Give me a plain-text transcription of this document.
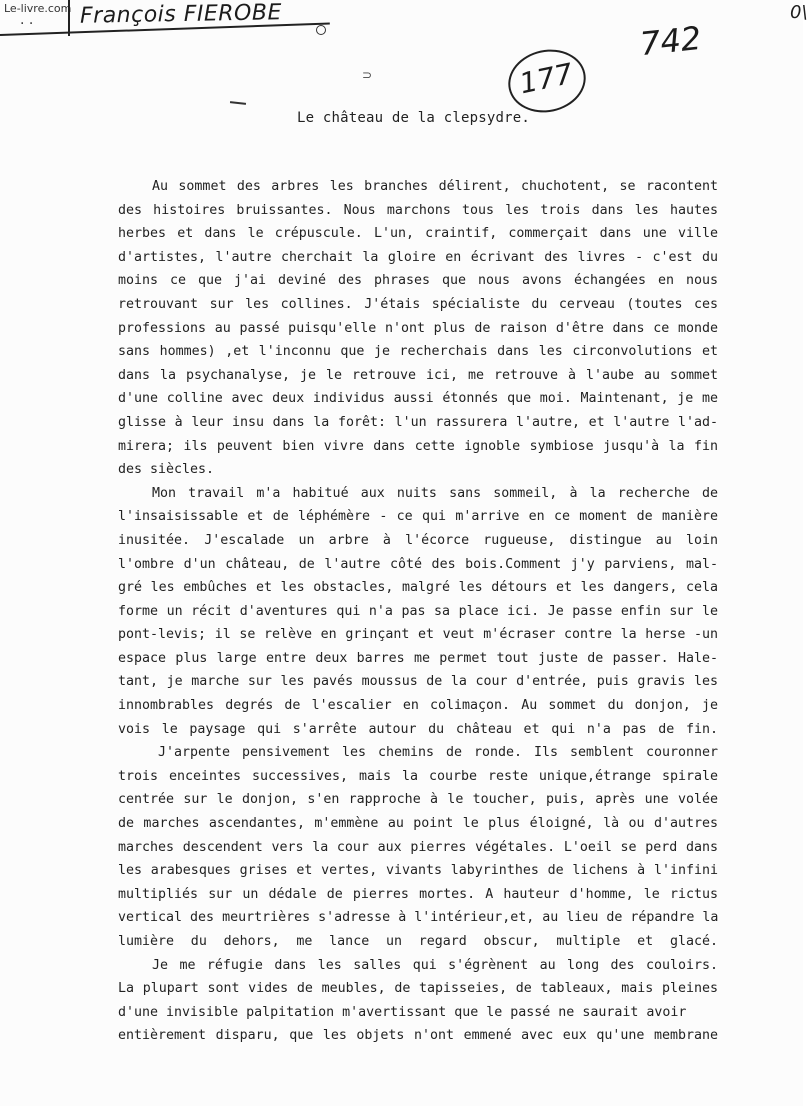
Le-livre.com
· · François FIEROBE	0\
742
177
⊃
Le château de la clepsydre.
Au sommet des arbres les branches délirent, chuchotent, se racontent
des histoires bruissantes. Nous marchons tous les trois dans les hautes
herbes et dans le crépuscule. L'un, craintif, commerçait dans une ville
d'artistes, l'autre cherchait la gloire en écrivant des livres - c'est du
moins ce que j'ai deviné des phrases que nous avons échangées en nous
retrouvant sur les collines. J'étais spécialiste du cerveau (toutes ces
professions au passé puisqu'elle n'ont plus de raison d'être dans ce monde
sans hommes) ,et l'inconnu que je recherchais dans les circonvolutions et
dans la psychanalyse, je le retrouve ici, me retrouve à l'aube au sommet
d'une colline avec deux individus aussi étonnés que moi. Maintenant, je me
glisse à leur insu dans la forêt: l'un rassurera l'autre, et l'autre l'ad-
mirera; ils peuvent bien vivre dans cette ignoble symbiose jusqu'à la fin
des siècles.
Mon travail m'a habitué aux nuits sans sommeil, à la recherche de
l'insaisissable et de léphémère - ce qui m'arrive en ce moment de manière
inusitée. J'escalade un arbre à l'écorce rugueuse, distingue au loin
l'ombre d'un château, de l'autre côté des bois.Comment j'y parviens, mal-
gré les embûches et les obstacles, malgré les détours et les dangers, cela
forme un récit d'aventures qui n'a pas sa place ici. Je passe enfin sur le
pont-levis; il se relève en grinçant et veut m'écraser contre la herse -un
espace plus large entre deux barres me permet tout juste de passer. Hale-
tant, je marche sur les pavés moussus de la cour d'entrée, puis gravis les
innombrables degrés de l'escalier en colimaçon. Au sommet du donjon, je
vois le paysage qui s'arrête autour du château et qui n'a pas de fin.
J'arpente pensivement les chemins de ronde. Ils semblent couronner
trois enceintes successives, mais la courbe reste unique,étrange spirale
centrée sur le donjon, s'en rapproche à le toucher, puis, après une volée
de marches ascendantes, m'emmène au point le plus éloigné, là ou d'autres
marches descendent vers la cour aux pierres végétales. L'oeil se perd dans
les arabesques grises et vertes, vivants labyrinthes de lichens à l'infini
multipliés sur un dédale de pierres mortes. A hauteur d'homme, le rictus
vertical des meurtrières s'adresse à l'intérieur,et, au lieu de répandre la
lumière du dehors, me lance un regard obscur, multiple et glacé.
Je me réfugie dans les salles qui s'égrènent au long des couloirs.
La plupart sont vides de meubles, de tapisseies, de tableaux, mais pleines
d'une invisible palpitation m'avertissant que le passé ne saurait avoir
entièrement disparu, que les objets n'ont emmené avec eux qu'une membrane
